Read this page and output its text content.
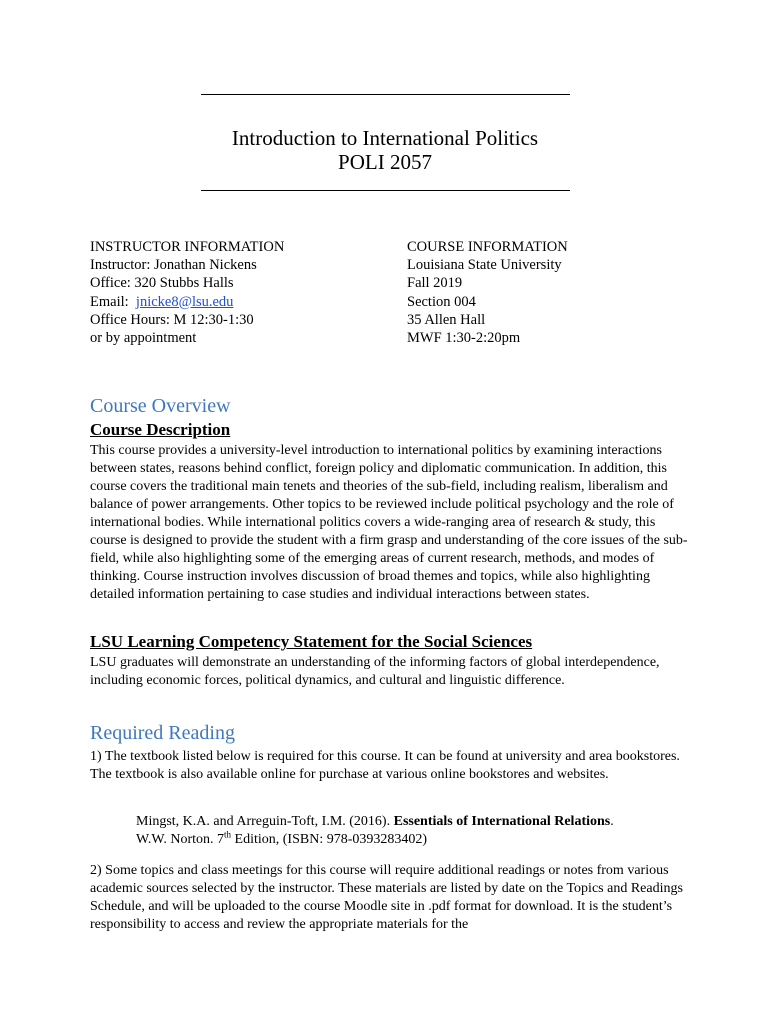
Introduction to International Politics
POLI 2057
INSTRUCTOR INFORMATION
Instructor: Jonathan Nickens
Office: 320 Stubbs Halls
Email:  jnicke8@lsu.edu
Office Hours: M 12:30-1:30
or by appointment
COURSE INFORMATION
Louisiana State University
Fall 2019
Section 004
35 Allen Hall
MWF 1:30-2:20pm
Course Overview
Course Description

This course provides a university-level introduction to international politics by examining interactions between states, reasons behind conflict, foreign policy and diplomatic communication. In addition, this course covers the traditional main tenets and theories of the sub-field, including realism, liberalism and balance of power arrangements. Other topics to be reviewed include political psychology and the role of international bodies. While international politics covers a wide-ranging area of research & study, this course is designed to provide the student with a firm grasp and understanding of the core issues of the sub-field, while also highlighting some of the emerging areas of current research, methods, and modes of thinking. Course instruction involves discussion of broad themes and topics, while also highlighting detailed information pertaining to case studies and individual interactions between states.

LSU Learning Competency Statement for the Social Sciences

LSU graduates will demonstrate an understanding of the informing factors of global interdependence, including economic forces, political dynamics, and cultural and linguistic difference.

Required Reading

1) The textbook listed below is required for this course. It can be found at university and area bookstores. The textbook is also available online for purchase at various online bookstores and websites.

Mingst, K.A. and Arreguin-Toft, I.M. (2016). Essentials of International Relations.
W.W. Norton. 7th Edition, (ISBN: 978-0393283402)

2) Some topics and class meetings for this course will require additional readings or notes from various academic sources selected by the instructor. These materials are listed by date on the Topics and Readings Schedule, and will be uploaded to the course Moodle site in .pdf format for download. It is the student’s responsibility to access and review the appropriate materials for the
